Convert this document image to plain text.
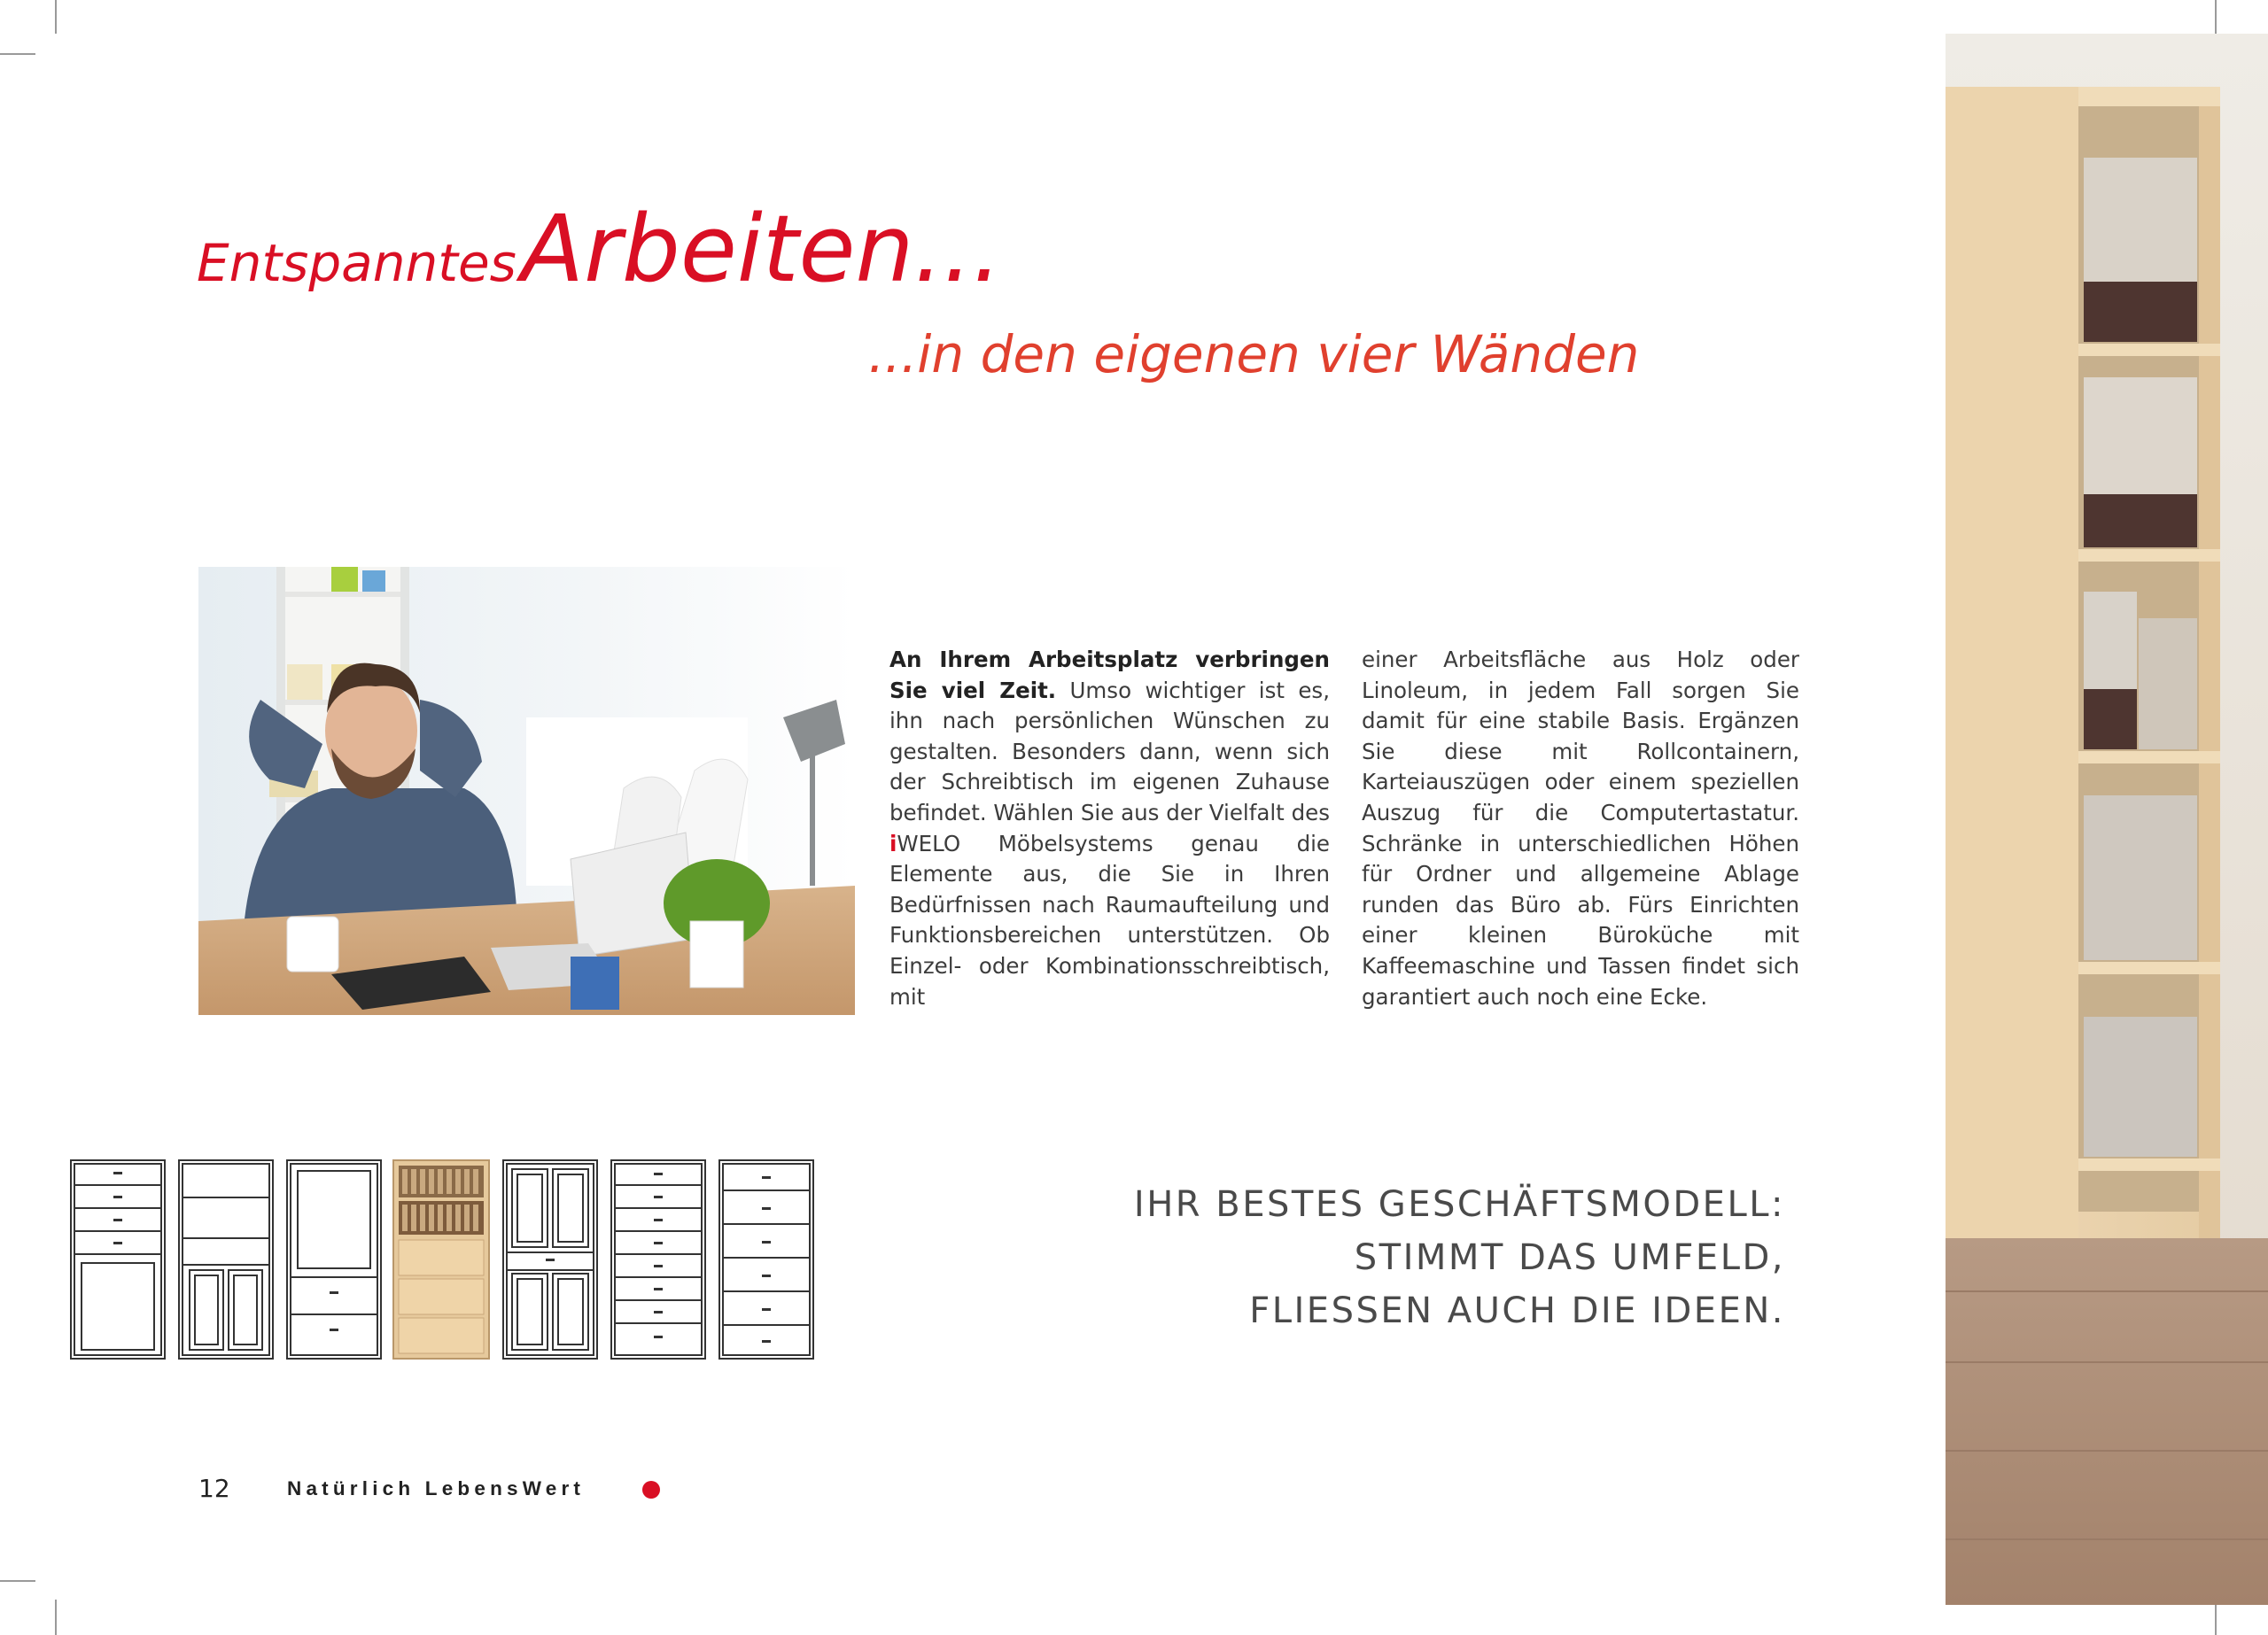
Entspanntes Arbeiten...
...in den eigenen vier Wänden
An Ihrem Arbeitsplatz verbringen Sie viel Zeit. Umso wichtiger ist es, ihn nach persönlichen Wünschen zu gestalten. Besonders dann, wenn sich der Schreibtisch im eigenen Zuhause befindet. Wählen Sie aus der Vielfalt des iWELO Möbelsystems genau die Elemente aus, die Sie in Ihren Bedürfnissen nach Raumaufteilung und Funktionsbereichen unterstützen. Ob Einzel- oder Kombinationsschreibtisch, mit
einer Arbeitsfläche aus Holz oder Linoleum, in jedem Fall sorgen Sie damit für eine stabile Basis. Ergänzen Sie diese mit Rollcontainern, Karteiauszügen oder einem speziellen Auszug für die Computertastatur. Schränke in unterschiedlichen Höhen für Ordner und allgemeine Ablage runden das Büro ab. Fürs Einrichten einer kleinen Büroküche mit Kaffeemaschine und Tassen findet sich garantiert auch noch eine Ecke.
IHR BESTES GESCHÄFTSMODELL:
STIMMT DAS UMFELD,
FLIESSEN AUCH DIE IDEEN.
12	Natürlich LebensWert
